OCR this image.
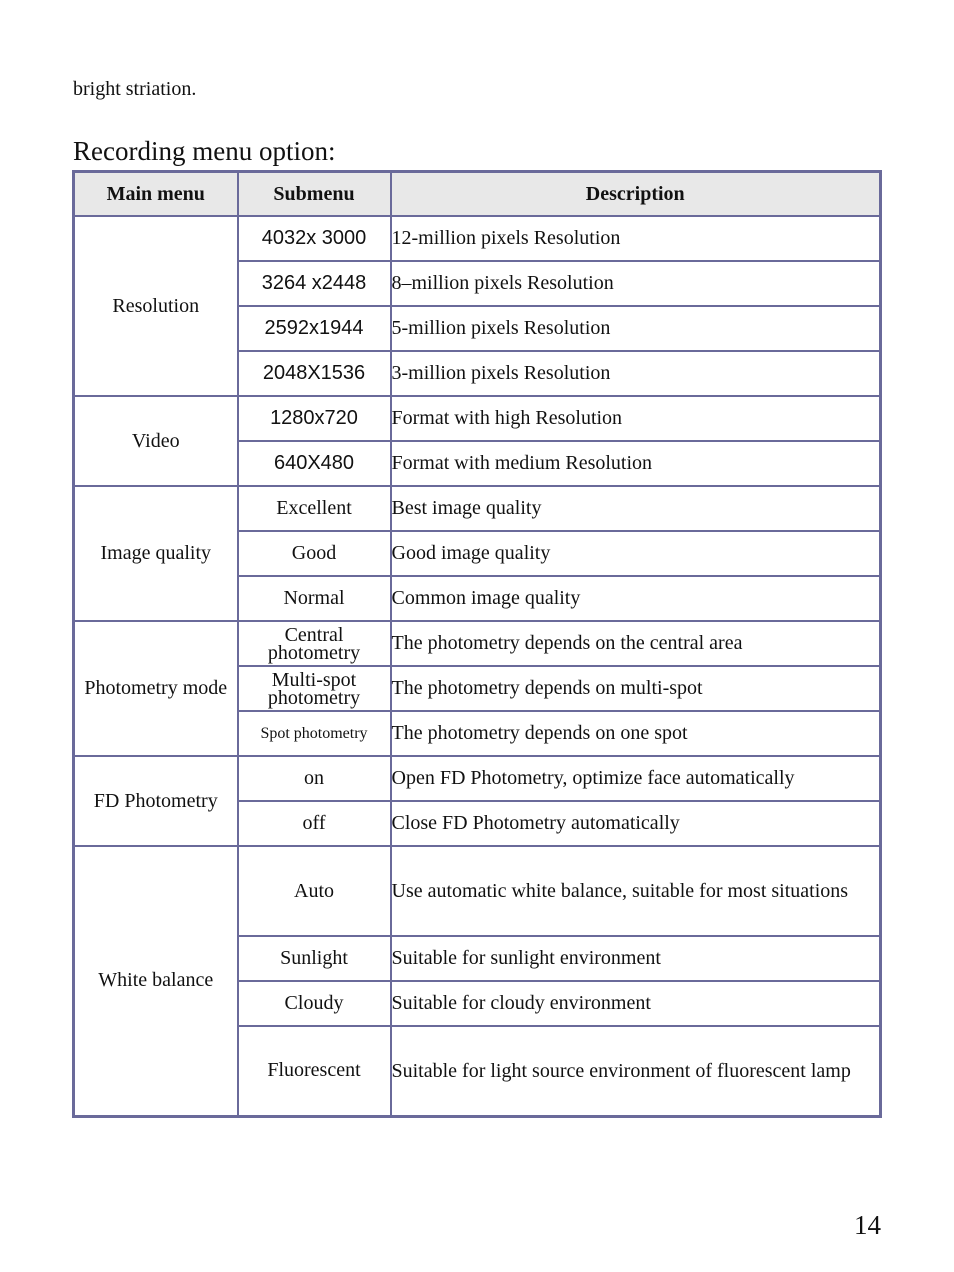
bright striation.
Recording menu option:
Main menu	Submenu	Description
Resolution	4032x 3000	12-million pixels Resolution
	3264 x2448	8–million pixels Resolution
	2592x1944	5-million pixels Resolution
	2048X1536	3-million pixels Resolution
Video	1280x720	Format with high Resolution
	640X480	Format with medium Resolution
Image quality	Excellent	Best image quality
	Good	Good image quality
	Normal	Common image quality
Photometry mode	Central photometry	The photometry depends on the central area
	Multi-spot photometry	The photometry depends on multi-spot
	Spot photometry	The photometry depends on one spot
FD Photometry	on	Open FD Photometry, optimize face automatically
	off	Close FD Photometry automatically
White balance	Auto	Use automatic white balance, suitable for most situations
	Sunlight	Suitable for sunlight environment
	Cloudy	Suitable for cloudy environment
	Fluorescent	Suitable for light source environment of fluorescent lamp
14
